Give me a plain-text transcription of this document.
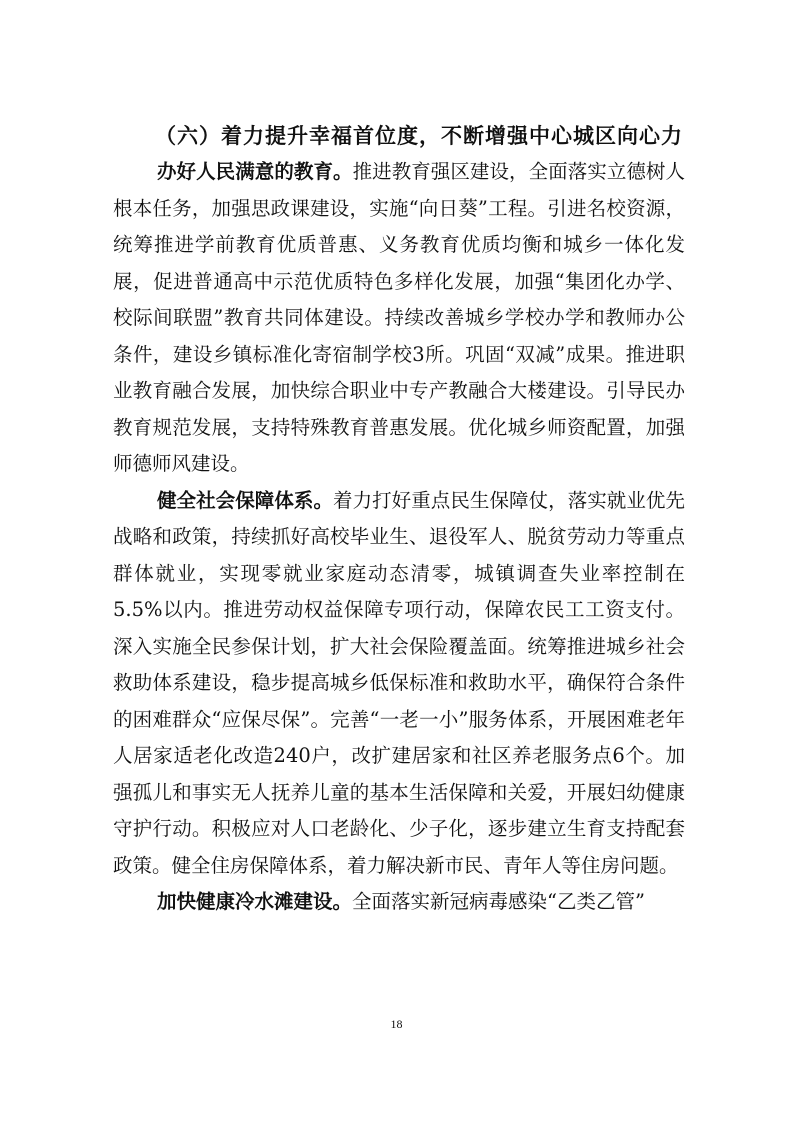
（六）着力提升幸福首位度，不断增强中心城区向心力

办好人民满意的教育。推进教育强区建设，全面落实立德树人根本任务，加强思政课建设，实施“向日葵”工程。引进名校资源，统筹推进学前教育优质普惠、义务教育优质均衡和城乡一体化发展，促进普通高中示范优质特色多样化发展，加强“集团化办学、校际间联盟”教育共同体建设。持续改善城乡学校办学和教师办公条件，建设乡镇标准化寄宿制学校3所。巩固“双减”成果。推进职业教育融合发展，加快综合职业中专产教融合大楼建设。引导民办教育规范发展，支持特殊教育普惠发展。优化城乡师资配置，加强师德师风建设。

健全社会保障体系。着力打好重点民生保障仗，落实就业优先战略和政策，持续抓好高校毕业生、退役军人、脱贫劳动力等重点群体就业，实现零就业家庭动态清零，城镇调查失业率控制在5.5%以内。推进劳动权益保障专项行动，保障农民工工资支付。深入实施全民参保计划，扩大社会保险覆盖面。统筹推进城乡社会救助体系建设，稳步提高城乡低保标准和救助水平，确保符合条件的困难群众“应保尽保”。完善“一老一小”服务体系，开展困难老年人居家适老化改造240户，改扩建居家和社区养老服务点6个。加强孤儿和事实无人抚养儿童的基本生活保障和关爱，开展妇幼健康守护行动。积极应对人口老龄化、少子化，逐步建立生育支持配套政策。健全住房保障体系，着力解决新市民、青年人等住房问题。

加快健康冷水滩建设。全面落实新冠病毒感染“乙类乙管”

18
